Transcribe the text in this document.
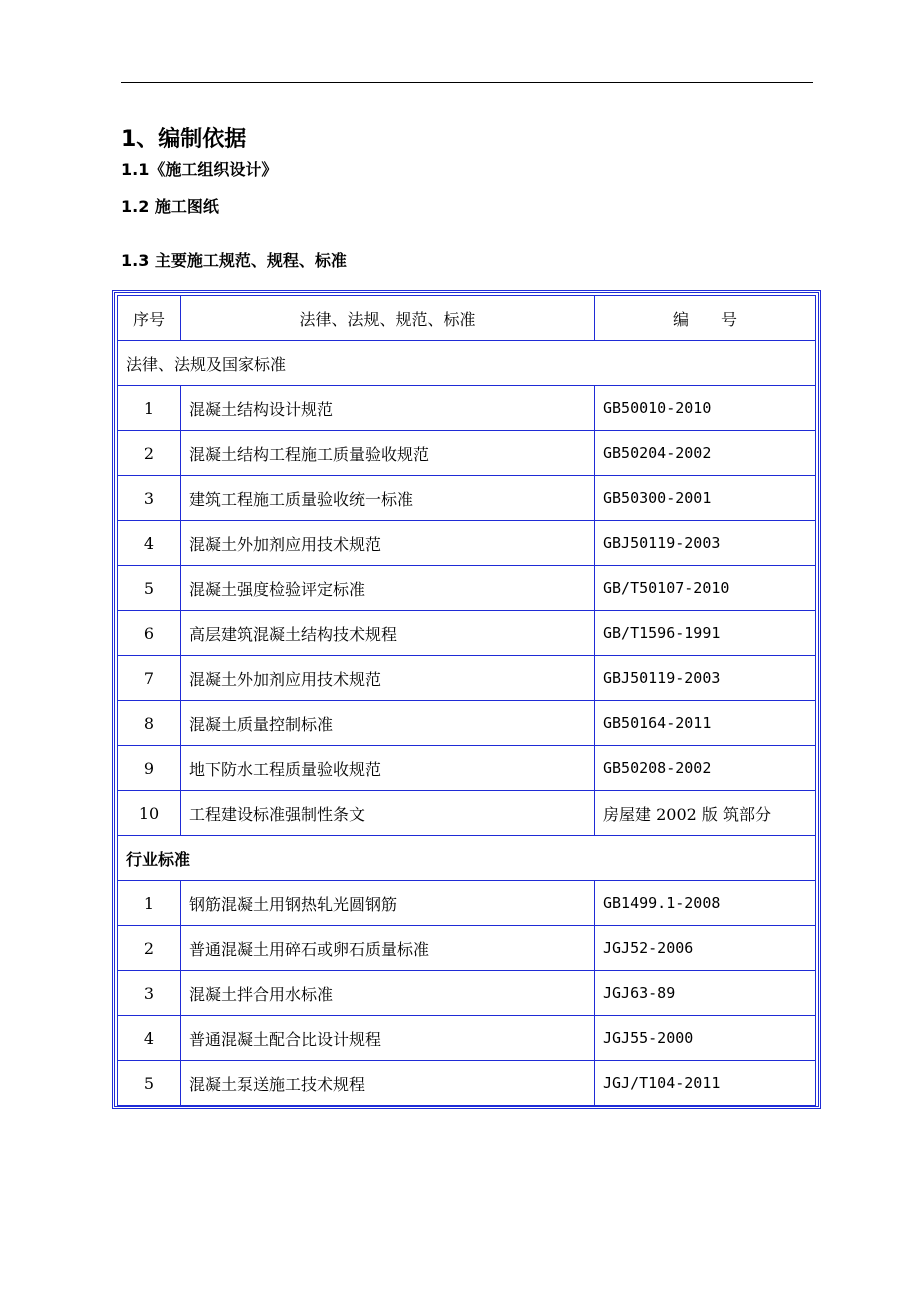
1、编制依据
1.1《施工组织设计》
1.2 施工图纸
1.3 主要施工规范、规程、标准
序号	法律、法规、规范、标准	编　　号
法律、法规及国家标准		
1	混凝土结构设计规范	GB50010-2010
2	混凝土结构工程施工质量验收规范	GB50204-2002
3	建筑工程施工质量验收统一标准	GB50300-2001
4	混凝土外加剂应用技术规范	GBJ50119-2003
5	混凝土强度检验评定标准	GB/T50107-2010
6	高层建筑混凝土结构技术规程	GB/T1596-1991
7	混凝土外加剂应用技术规范	GBJ50119-2003
8	混凝土质量控制标准	GB50164-2011
9	地下防水工程质量验收规范	GB50208-2002
10	工程建设标准强制性条文	房屋建 2002 版 筑部分
行业标准		
1	钢筋混凝土用钢热轧光圆钢筋	GB1499.1-2008
2	普通混凝土用碎石或卵石质量标准	JGJ52-2006
3	混凝土拌合用水标准	JGJ63-89
4	普通混凝土配合比设计规程	JGJ55-2000
5	混凝土泵送施工技术规程	JGJ/T104-2011
